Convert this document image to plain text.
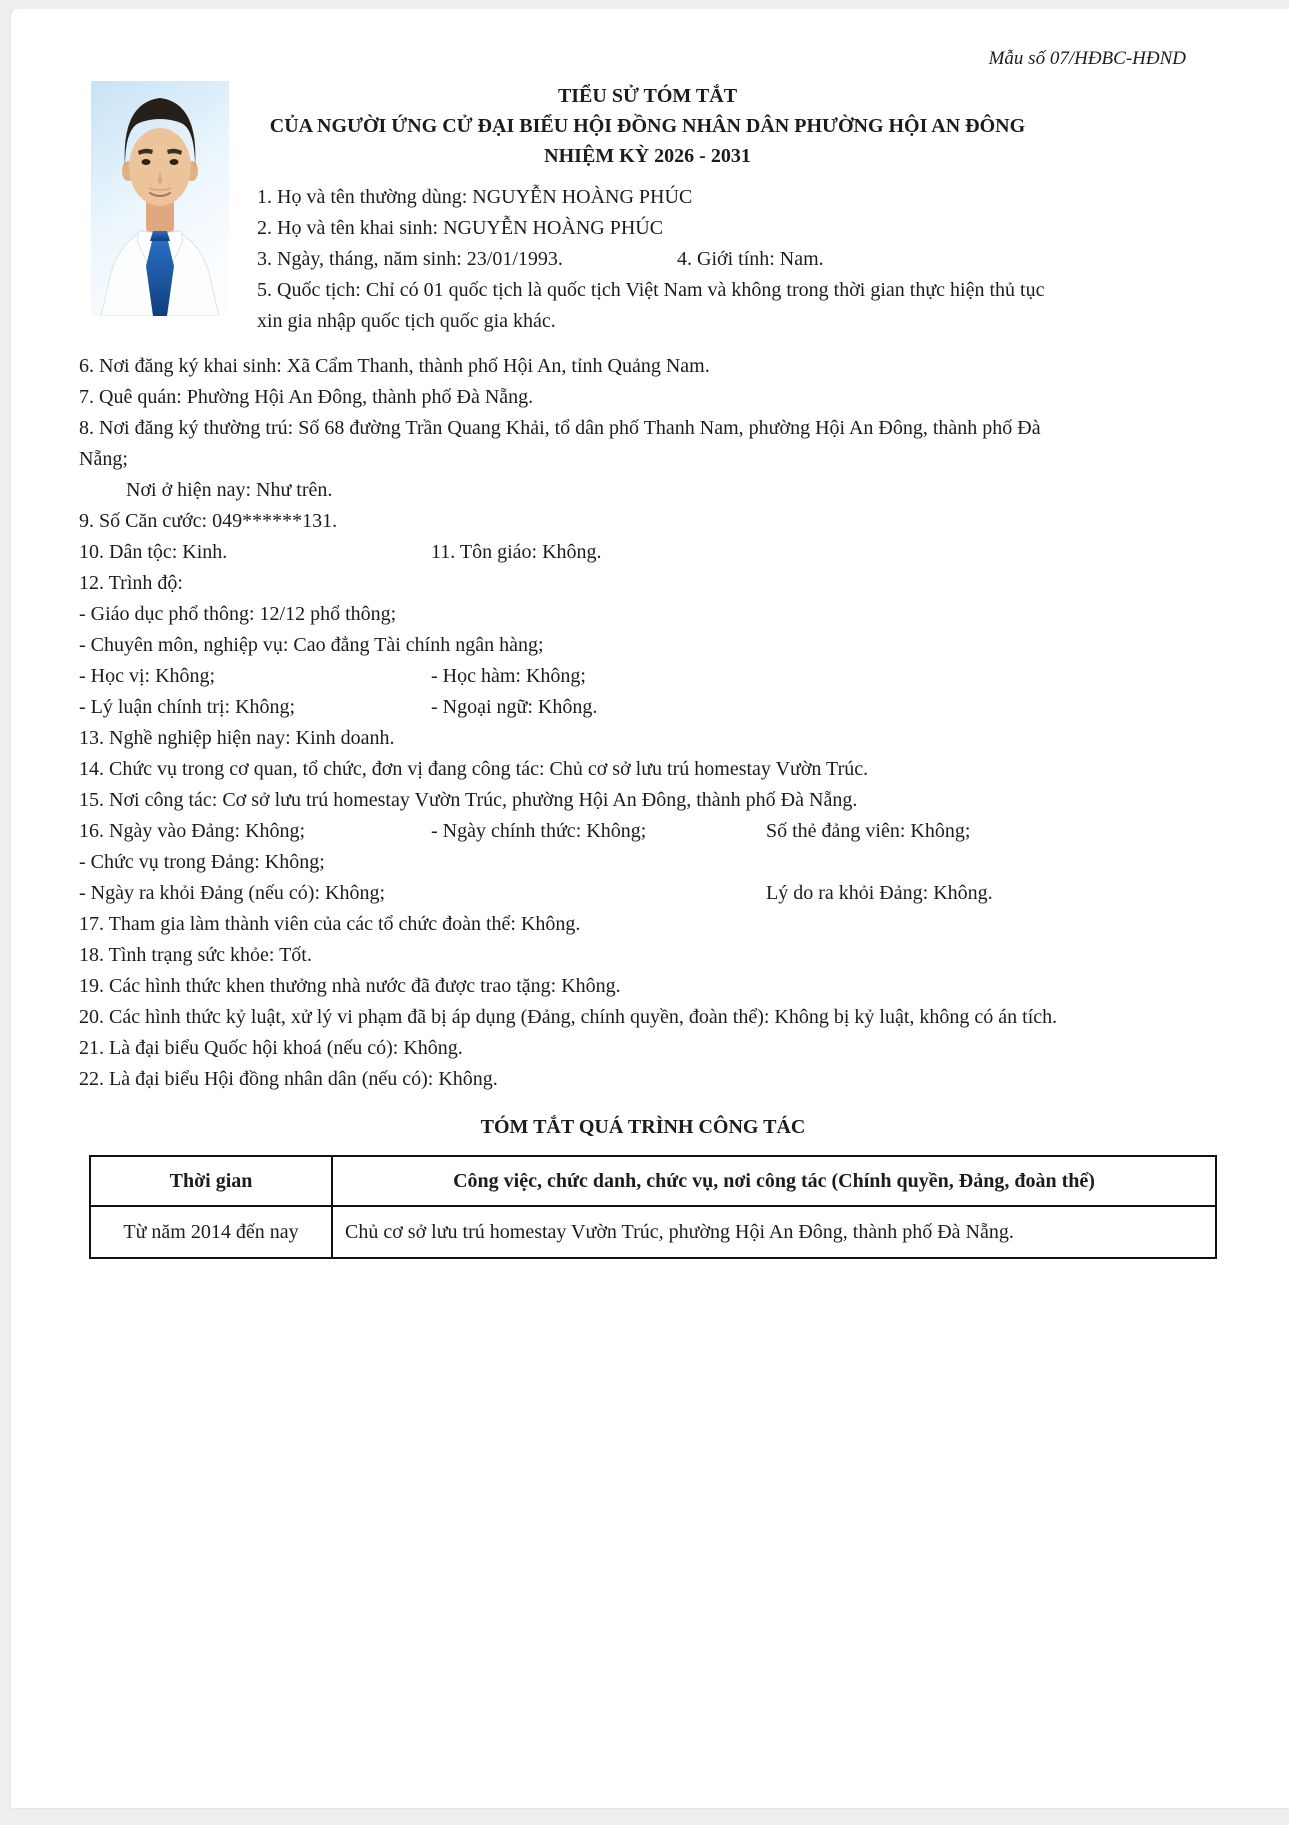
Mẫu số 07/HĐBC-HĐND
TIỂU SỬ TÓM TẮT
CỦA NGƯỜI ỨNG CỬ ĐẠI BIỂU HỘI ĐỒNG NHÂN DÂN PHƯỜNG HỘI AN ĐÔNG
NHIỆM KỲ 2026 - 2031
1. Họ và tên thường dùng: NGUYỄN HOÀNG PHÚC
2. Họ và tên khai sinh: NGUYỄN HOÀNG PHÚC
3. Ngày, tháng, năm sinh: 23/01/1993.	4. Giới tính: Nam.
5. Quốc tịch: Chỉ có 01 quốc tịch là quốc tịch Việt Nam và không trong thời gian thực hiện thủ tục xin gia nhập quốc tịch quốc gia khác.
6. Nơi đăng ký khai sinh: Xã Cẩm Thanh, thành phố Hội An, tỉnh Quảng Nam.
7. Quê quán: Phường Hội An Đông, thành phố Đà Nẵng.
8. Nơi đăng ký thường trú: Số 68 đường Trần Quang Khải, tổ dân phố Thanh Nam, phường Hội An Đông, thành phố Đà Nẵng;
Nơi ở hiện nay: Như trên.
9. Số Căn cước: 049******131.
10. Dân tộc: Kinh.	11. Tôn giáo: Không.
12. Trình độ:
- Giáo dục phổ thông: 12/12 phổ thông;
- Chuyên môn, nghiệp vụ: Cao đẳng Tài chính ngân hàng;
- Học vị: Không;	- Học hàm: Không;
- Lý luận chính trị: Không;	- Ngoại ngữ: Không.
13. Nghề nghiệp hiện nay: Kinh doanh.
14. Chức vụ trong cơ quan, tổ chức, đơn vị đang công tác: Chủ cơ sở lưu trú homestay Vườn Trúc.
15. Nơi công tác: Cơ sở lưu trú homestay Vườn Trúc, phường Hội An Đông, thành phố Đà Nẵng.
16. Ngày vào Đảng: Không;	- Ngày chính thức: Không;	Số thẻ đảng viên: Không;
- Chức vụ trong Đảng: Không;
- Ngày ra khỏi Đảng (nếu có): Không;	Lý do ra khỏi Đảng: Không.
17. Tham gia làm thành viên của các tổ chức đoàn thể: Không.
18. Tình trạng sức khỏe: Tốt.
19. Các hình thức khen thưởng nhà nước đã được trao tặng: Không.
20. Các hình thức kỷ luật, xử lý vi phạm đã bị áp dụng (Đảng, chính quyền, đoàn thể): Không bị kỷ luật, không có án tích.
21. Là đại biểu Quốc hội khoá (nếu có): Không.
22. Là đại biểu Hội đồng nhân dân (nếu có): Không.
TÓM TẮT QUÁ TRÌNH CÔNG TÁC
Thời gian	Công việc, chức danh, chức vụ, nơi công tác (Chính quyền, Đảng, đoàn thể)
Từ năm 2014 đến nay	Chủ cơ sở lưu trú homestay Vườn Trúc, phường Hội An Đông, thành phố Đà Nẵng.
